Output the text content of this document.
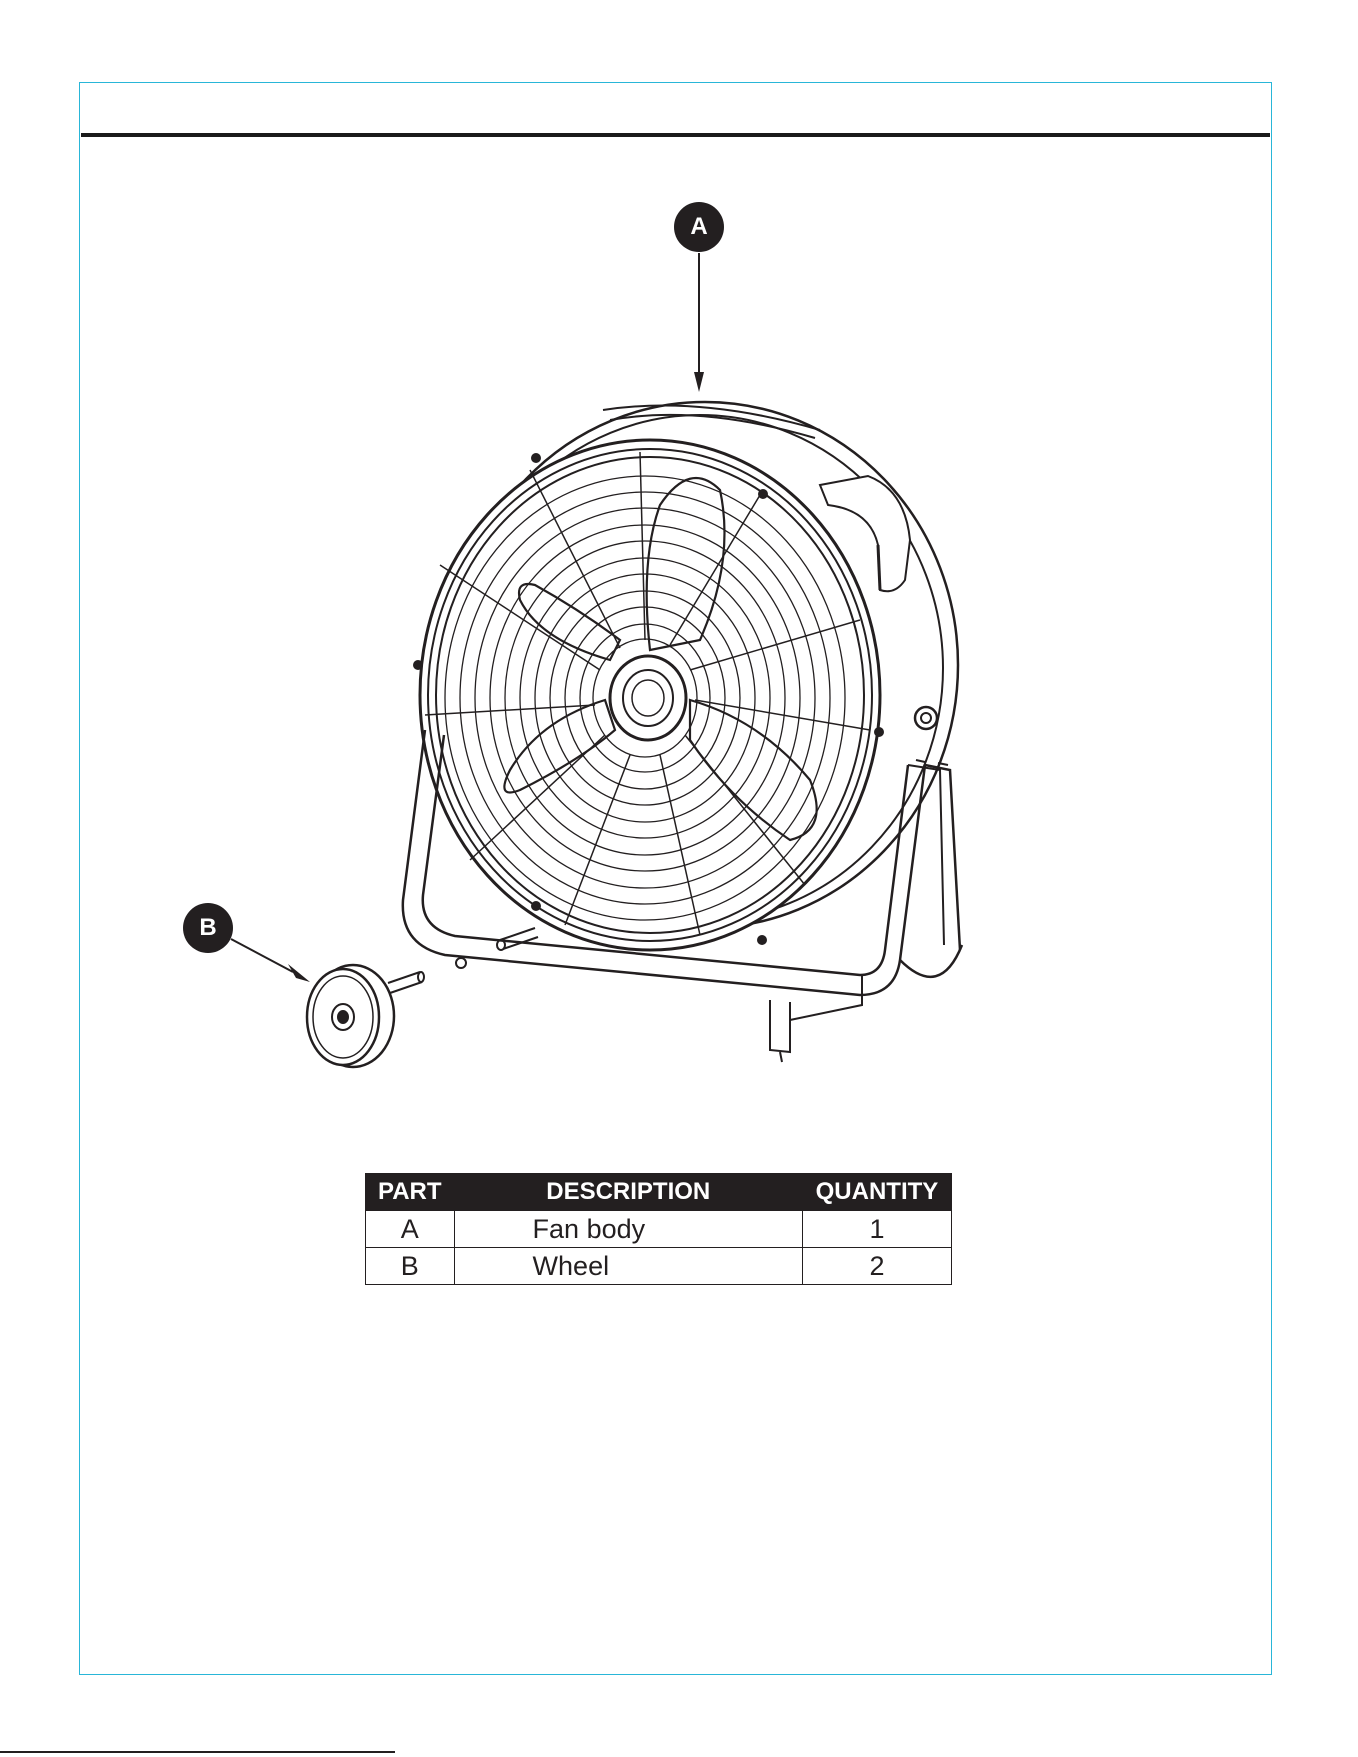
A
B
PART	DESCRIPTION	QUANTITY
A	Fan body	1
B	Wheel	2
